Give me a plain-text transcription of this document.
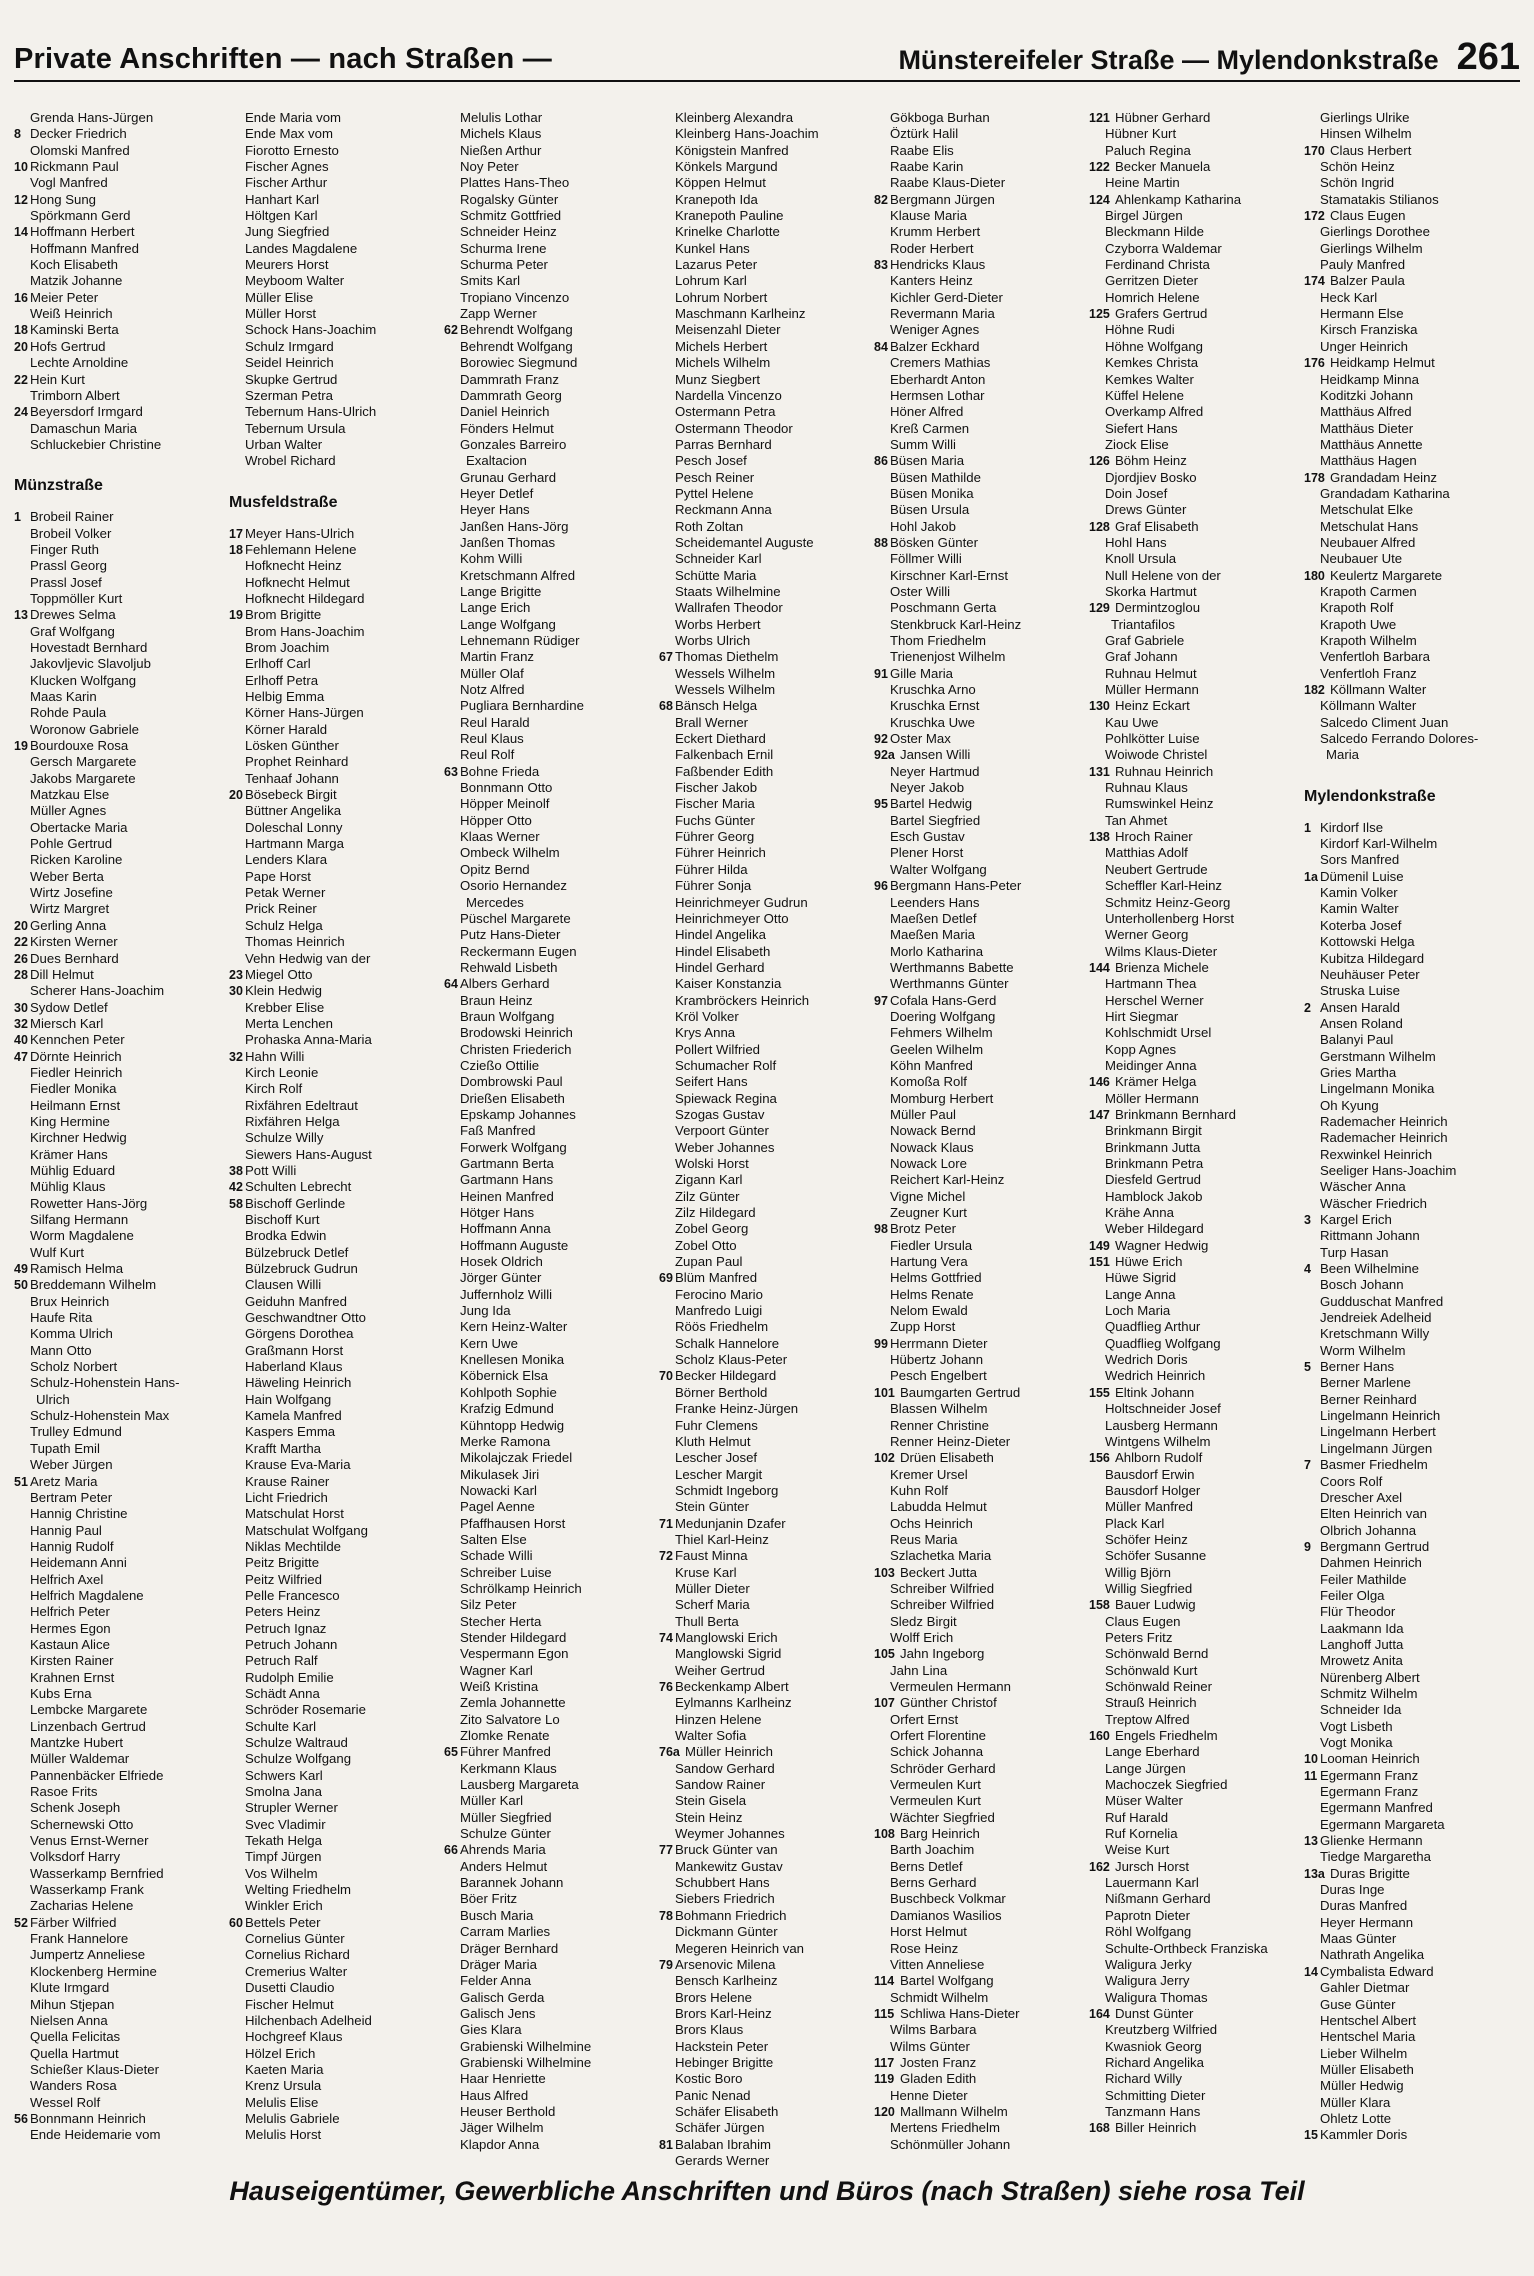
Private Anschriften — nach Straßen —	Münstereifeler Straße — Mylendonkstraße 261
Grenda Hans-Jürgen
8 Decker Friedrich
Olomski Manfred
10 Rickmann Paul
Vogl Manfred
12 Hong Sung
Spörkmann Gerd
14 Hoffmann Herbert
Hoffmann Manfred
Koch Elisabeth
Matzik Johanne
16 Meier Peter
Weiß Heinrich
18 Kaminski Berta
20 Hofs Gertrud
Lechte Arnoldine
22 Hein Kurt
Trimborn Albert
24 Beyersdorf Irmgard
Damaschun Maria
Schluckebier Christine
Münzstraße
1 Brobeil Rainer
Brobeil Volker
Finger Ruth
Prassl Georg
Prassl Josef
Toppmöller Kurt
13 Drewes Selma
Graf Wolfgang
Hovestadt Bernhard
Jakovljevic Slavoljub
Klucken Wolfgang
Maas Karin
Rohde Paula
Woronow Gabriele
19 Bourdouxe Rosa
Gersch Margarete
Jakobs Margarete
Matzkau Else
Müller Agnes
Obertacke Maria
Pohle Gertrud
Ricken Karoline
Weber Berta
Wirtz Josefine
Wirtz Margret
20 Gerling Anna
22 Kirsten Werner
26 Dues Bernhard
28 Dill Helmut
Scherer Hans-Joachim
30 Sydow Detlef
32 Miersch Karl
40 Kennchen Peter
47 Dörnte Heinrich
Fiedler Heinrich
Fiedler Monika
Heilmann Ernst
King Hermine
Kirchner Hedwig
Krämer Hans
Mühlig Eduard
Mühlig Klaus
Rowetter Hans-Jörg
Silfang Hermann
Worm Magdalene
Wulf Kurt
49 Ramisch Helma
50 Breddemann Wilhelm
Brux Heinrich
Haufe Rita
Komma Ulrich
Mann Otto
Scholz Norbert
Schulz-Hohenstein Hans-
Ulrich
Schulz-Hohenstein Max
Trulley Edmund
Tupath Emil
Weber Jürgen
51 Aretz Maria
Bertram Peter
Hannig Christine
Hannig Paul
Hannig Rudolf
Heidemann Anni
Helfrich Axel
Helfrich Magdalene
Helfrich Peter
Hermes Egon
Kastaun Alice
Kirsten Rainer
Krahnen Ernst
Kubs Erna
Lembcke Margarete
Linzenbach Gertrud
Mantzke Hubert
Müller Waldemar
Pannenbäcker Elfriede
Rasoe Frits
Schenk Joseph
Schernewski Otto
Venus Ernst-Werner
Volksdorf Harry
Wasserkamp Bernfried
Wasserkamp Frank
Zacharias Helene
52 Färber Wilfried
Frank Hannelore
Jumpertz Anneliese
Klockenberg Hermine
Klute Irmgard
Mihun Stjepan
Nielsen Anna
Quella Felicitas
Quella Hartmut
Schießer Klaus-Dieter
Wanders Rosa
Wessel Rolf
56 Bonnmann Heinrich
Ende Heidemarie vom
Ende Maria vom
Ende Max vom
Fiorotto Ernesto
Fischer Agnes
Fischer Arthur
Hanhart Karl
Höltgen Karl
Jung Siegfried
Landes Magdalene
Meurers Horst
Meyboom Walter
Müller Elise
Müller Horst
Schock Hans-Joachim
Schulz Irmgard
Seidel Heinrich
Skupke Gertrud
Szerman Petra
Tebernum Hans-Ulrich
Tebernum Ursula
Urban Walter
Wrobel Richard
Musfeldstraße
17 Meyer Hans-Ulrich
18 Fehlemann Helene
Hofknecht Heinz
Hofknecht Helmut
Hofknecht Hildegard
19 Brom Brigitte
Brom Hans-Joachim
Brom Joachim
Erlhoff Carl
Erlhoff Petra
Helbig Emma
Körner Hans-Jürgen
Körner Harald
Lösken Günther
Prophet Reinhard
Tenhaaf Johann
20 Bösebeck Birgit
Büttner Angelika
Doleschal Lonny
Hartmann Marga
Lenders Klara
Pape Horst
Petak Werner
Prick Reiner
Schulz Helga
Thomas Heinrich
Vehn Hedwig van der
23 Miegel Otto
30 Klein Hedwig
Krebber Elise
Merta Lenchen
Prohaska Anna-Maria
32 Hahn Willi
Kirch Leonie
Kirch Rolf
Rixfähren Edeltraut
Rixfähren Helga
Schulze Willy
Siewers Hans-August
38 Pott Willi
42 Schulten Lebrecht
58 Bischoff Gerlinde
Bischoff Kurt
Brodka Edwin
Bülzebruck Detlef
Bülzebruck Gudrun
Clausen Willi
Geiduhn Manfred
Geschwandtner Otto
Görgens Dorothea
Graßmann Horst
Haberland Klaus
Häweling Heinrich
Hain Wolfgang
Kamela Manfred
Kaspers Emma
Krafft Martha
Krause Eva-Maria
Krause Rainer
Licht Friedrich
Matschulat Horst
Matschulat Wolfgang
Niklas Mechtilde
Peitz Brigitte
Peitz Wilfried
Pelle Francesco
Peters Heinz
Petruch Ignaz
Petruch Johann
Petruch Ralf
Rudolph Emilie
Schädt Anna
Schröder Rosemarie
Schulte Karl
Schulze Waltraud
Schulze Wolfgang
Schwers Karl
Smolna Jana
Strupler Werner
Svec Vladimir
Tekath Helga
Timpf Jürgen
Vos Wilhelm
Welting Friedhelm
Winkler Erich
60 Bettels Peter
Cornelius Günter
Cornelius Richard
Cremerius Walter
Dusetti Claudio
Fischer Helmut
Hilchenbach Adelheid
Hochgreef Klaus
Hölzel Erich
Kaeten Maria
Krenz Ursula
Melulis Elise
Melulis Gabriele
Melulis Horst
Melulis Lothar
Michels Klaus
Nießen Arthur
Noy Peter
Plattes Hans-Theo
Rogalsky Günter
Schmitz Gottfried
Schneider Heinz
Schurma Irene
Schurma Peter
Smits Karl
Tropiano Vincenzo
Zapp Werner
62 Behrendt Wolfgang
Behrendt Wolfgang
Borowiec Siegmund
Dammrath Franz
Dammrath Georg
Daniel Heinrich
Fönders Helmut
Gonzales Barreiro
Exaltacion
Grunau Gerhard
Heyer Detlef
Heyer Hans
Janßen Hans-Jörg
Janßen Thomas
Kohm Willi
Kretschmann Alfred
Lange Brigitte
Lange Erich
Lange Wolfgang
Lehnemann Rüdiger
Martin Franz
Müller Olaf
Notz Alfred
Pugliara Bernhardine
Reul Harald
Reul Klaus
Reul Rolf
63 Bohne Frieda
Bonnmann Otto
Höpper Meinolf
Höpper Otto
Klaas Werner
Ombeck Wilhelm
Opitz Bernd
Osorio Hernandez
Mercedes
Püschel Margarete
Putz Hans-Dieter
Reckermann Eugen
Rehwald Lisbeth
64 Albers Gerhard
Braun Heinz
Braun Wolfgang
Brodowski Heinrich
Christen Friederich
Czießo Ottilie
Dombrowski Paul
Drießen Elisabeth
Epskamp Johannes
Faß Manfred
Forwerk Wolfgang
Gartmann Berta
Gartmann Hans
Heinen Manfred
Hötger Hans
Hoffmann Anna
Hoffmann Auguste
Hosek Oldrich
Jörger Günter
Juffernholz Willi
Jung Ida
Kern Heinz-Walter
Kern Uwe
Knellesen Monika
Köbernick Elsa
Kohlpoth Sophie
Krafzig Edmund
Kühntopp Hedwig
Merke Ramona
Mikolajczak Friedel
Mikulasek Jiri
Nowacki Karl
Pagel Aenne
Pfaffhausen Horst
Salten Else
Schade Willi
Schreiber Luise
Schrölkamp Heinrich
Silz Peter
Stecher Herta
Stender Hildegard
Vespermann Egon
Wagner Karl
Weiß Kristina
Zemla Johannette
Zito Salvatore Lo
Zlomke Renate
65 Führer Manfred
Kerkmann Klaus
Lausberg Margareta
Müller Karl
Müller Siegfried
Schulze Günter
66 Ahrends Maria
Anders Helmut
Barannek Johann
Böer Fritz
Busch Maria
Carram Marlies
Dräger Bernhard
Dräger Maria
Felder Anna
Galisch Gerda
Galisch Jens
Gies Klara
Grabienski Wilhelmine
Grabienski Wilhelmine
Haar Henriette
Haus Alfred
Heuser Berthold
Jäger Wilhelm
Klapdor Anna
Kleinberg Alexandra
Kleinberg Hans-Joachim
Königstein Manfred
Könkels Margund
Köppen Helmut
Kranepoth Ida
Kranepoth Pauline
Krinelke Charlotte
Kunkel Hans
Lazarus Peter
Lohrum Karl
Lohrum Norbert
Maschmann Karlheinz
Meisenzahl Dieter
Michels Herbert
Michels Wilhelm
Munz Siegbert
Nardella Vincenzo
Ostermann Petra
Ostermann Theodor
Parras Bernhard
Pesch Josef
Pesch Reiner
Pyttel Helene
Reckmann Anna
Roth Zoltan
Scheidemantel Auguste
Schneider Karl
Schütte Maria
Staats Wilhelmine
Wallrafen Theodor
Worbs Herbert
Worbs Ulrich
67 Thomas Diethelm
Wessels Wilhelm
Wessels Wilhelm
68 Bänsch Helga
Brall Werner
Eckert Diethard
Falkenbach Ernil
Faßbender Edith
Fischer Jakob
Fischer Maria
Fuchs Günter
Führer Georg
Führer Heinrich
Führer Hilda
Führer Sonja
Heinrichmeyer Gudrun
Heinrichmeyer Otto
Hindel Angelika
Hindel Elisabeth
Hindel Gerhard
Kaiser Konstanzia
Krambröckers Heinrich
Kröl Volker
Krys Anna
Pollert Wilfried
Schumacher Rolf
Seifert Hans
Spiewack Regina
Szogas Gustav
Verpoort Günter
Weber Johannes
Wolski Horst
Zigann Karl
Zilz Günter
Zilz Hildegard
Zobel Georg
Zobel Otto
Zupan Paul
69 Blüm Manfred
Ferocino Mario
Manfredo Luigi
Röös Friedhelm
Schalk Hannelore
Scholz Klaus-Peter
70 Becker Hildegard
Börner Berthold
Franke Heinz-Jürgen
Fuhr Clemens
Kluth Helmut
Lescher Josef
Lescher Margit
Schmidt Ingeborg
Stein Günter
71 Medunjanin Dzafer
Thiel Karl-Heinz
72 Faust Minna
Kruse Karl
Müller Dieter
Scherf Maria
Thull Berta
74 Manglowski Erich
Manglowski Sigrid
Weiher Gertrud
76 Beckenkamp Albert
Eylmanns Karlheinz
Hinzen Helene
Walter Sofia
76a Müller Heinrich
Sandow Gerhard
Sandow Rainer
Stein Gisela
Stein Heinz
Weymer Johannes
77 Bruck Günter van
Mankewitz Gustav
Schubbert Hans
Siebers Friedrich
78 Bohmann Friedrich
Dickmann Günter
Megeren Heinrich van
79 Arsenovic Milena
Bensch Karlheinz
Brors Helene
Brors Karl-Heinz
Brors Klaus
Hackstein Peter
Hebinger Brigitte
Kostic Boro
Panic Nenad
Schäfer Elisabeth
Schäfer Jürgen
81 Balaban Ibrahim
Gerards Werner
Gökboga Burhan
Öztürk Halil
Raabe Elis
Raabe Karin
Raabe Klaus-Dieter
82 Bergmann Jürgen
Klause Maria
Krumm Herbert
Roder Herbert
83 Hendricks Klaus
Kanters Heinz
Kichler Gerd-Dieter
Revermann Maria
Weniger Agnes
84 Balzer Eckhard
Cremers Mathias
Eberhardt Anton
Hermsen Lothar
Höner Alfred
Kreß Carmen
Summ Willi
86 Büsen Maria
Büsen Mathilde
Büsen Monika
Büsen Ursula
Hohl Jakob
88 Bösken Günter
Föllmer Willi
Kirschner Karl-Ernst
Oster Willi
Poschmann Gerta
Stenkbruck Karl-Heinz
Thom Friedhelm
Trienenjost Wilhelm
91 Gille Maria
Kruschka Arno
Kruschka Ernst
Kruschka Uwe
92 Oster Max
92a Jansen Willi
Neyer Hartmud
Neyer Jakob
95 Bartel Hedwig
Bartel Siegfried
Esch Gustav
Plener Horst
Walter Wolfgang
96 Bergmann Hans-Peter
Leenders Hans
Maeßen Detlef
Maeßen Maria
Morlo Katharina
Werthmanns Babette
Werthmanns Günter
97 Cofala Hans-Gerd
Doering Wolfgang
Fehmers Wilhelm
Geelen Wilhelm
Köhn Manfred
Komoßa Rolf
Momburg Herbert
Müller Paul
Nowack Bernd
Nowack Klaus
Nowack Lore
Reichert Karl-Heinz
Vigne Michel
Zeugner Kurt
98 Brotz Peter
Fiedler Ursula
Hartung Vera
Helms Gottfried
Helms Renate
Nelom Ewald
Zupp Horst
99 Herrmann Dieter
Hübertz Johann
Pesch Engelbert
101 Baumgarten Gertrud
Blassen Wilhelm
Renner Christine
Renner Heinz-Dieter
102 Drüen Elisabeth
Kremer Ursel
Kuhn Rolf
Labudda Helmut
Ochs Heinrich
Reus Maria
Szlachetka Maria
103 Beckert Jutta
Schreiber Wilfried
Schreiber Wilfried
Sledz Birgit
Wolff Erich
105 Jahn Ingeborg
Jahn Lina
Vermeulen Hermann
107 Günther Christof
Orfert Ernst
Orfert Florentine
Schick Johanna
Schröder Gerhard
Vermeulen Kurt
Vermeulen Kurt
Wächter Siegfried
108 Barg Heinrich
Barth Joachim
Berns Detlef
Berns Gerhard
Buschbeck Volkmar
Damianos Wasilios
Horst Helmut
Rose Heinz
Vitten Anneliese
114 Bartel Wolfgang
Schmidt Wilhelm
115 Schliwa Hans-Dieter
Wilms Barbara
Wilms Günter
117 Josten Franz
119 Gladen Edith
Henne Dieter
120 Mallmann Wilhelm
Mertens Friedhelm
Schönmüller Johann
121 Hübner Gerhard
Hübner Kurt
Paluch Regina
122 Becker Manuela
Heine Martin
124 Ahlenkamp Katharina
Birgel Jürgen
Bleckmann Hilde
Czyborra Waldemar
Ferdinand Christa
Gerritzen Dieter
Homrich Helene
125 Grafers Gertrud
Höhne Rudi
Höhne Wolfgang
Kemkes Christa
Kemkes Walter
Küffel Helene
Overkamp Alfred
Siefert Hans
Ziock Elise
126 Böhm Heinz
Djordjiev Bosko
Doin Josef
Drews Günter
128 Graf Elisabeth
Hohl Hans
Knoll Ursula
Null Helene von der
Skorka Hartmut
129 Dermintzoglou
Triantafilos
Graf Gabriele
Graf Johann
Ruhnau Helmut
Müller Hermann
130 Heinz Eckart
Kau Uwe
Pohlkötter Luise
Woiwode Christel
131 Ruhnau Heinrich
Ruhnau Klaus
Rumswinkel Heinz
Tan Ahmet
138 Hroch Rainer
Matthias Adolf
Neubert Gertrude
Scheffler Karl-Heinz
Schmitz Heinz-Georg
Unterhollenberg Horst
Werner Georg
Wilms Klaus-Dieter
144 Brienza Michele
Hartmann Thea
Herschel Werner
Hirt Siegmar
Kohlschmidt Ursel
Kopp Agnes
Meidinger Anna
146 Krämer Helga
Möller Hermann
147 Brinkmann Bernhard
Brinkmann Birgit
Brinkmann Jutta
Brinkmann Petra
Diesfeld Gertrud
Hamblock Jakob
Krähe Anna
Weber Hildegard
149 Wagner Hedwig
151 Hüwe Erich
Hüwe Sigrid
Lange Anna
Loch Maria
Quadflieg Arthur
Quadflieg Wolfgang
Wedrich Doris
Wedrich Heinrich
155 Eltink Johann
Holtschneider Josef
Lausberg Hermann
Wintgens Wilhelm
156 Ahlborn Rudolf
Bausdorf Erwin
Bausdorf Holger
Müller Manfred
Plack Karl
Schöfer Heinz
Schöfer Susanne
Willig Björn
Willig Siegfried
158 Bauer Ludwig
Claus Eugen
Peters Fritz
Schönwald Bernd
Schönwald Kurt
Schönwald Reiner
Strauß Heinrich
Treptow Alfred
160 Engels Friedhelm
Lange Eberhard
Lange Jürgen
Machoczek Siegfried
Müser Walter
Ruf Harald
Ruf Kornelia
Weise Kurt
162 Jursch Horst
Lauermann Karl
Nißmann Gerhard
Paprotn Dieter
Röhl Wolfgang
Schulte-Orthbeck Franziska
Waligura Jerky
Waligura Jerry
Waligura Thomas
164 Dunst Günter
Kreutzberg Wilfried
Kwasniok Georg
Richard Angelika
Richard Willy
Schmitting Dieter
Tanzmann Hans
168 Biller Heinrich
Gierlings Ulrike
Hinsen Wilhelm
170 Claus Herbert
Schön Heinz
Schön Ingrid
Stamatakis Stilianos
172 Claus Eugen
Gierlings Dorothee
Gierlings Wilhelm
Pauly Manfred
174 Balzer Paula
Heck Karl
Hermann Else
Kirsch Franziska
Unger Heinrich
176 Heidkamp Helmut
Heidkamp Minna
Koditzki Johann
Matthäus Alfred
Matthäus Dieter
Matthäus Annette
Matthäus Hagen
178 Grandadam Heinz
Grandadam Katharina
Metschulat Elke
Metschulat Hans
Neubauer Alfred
Neubauer Ute
180 Keulertz Margarete
Krapoth Carmen
Krapoth Rolf
Krapoth Uwe
Krapoth Wilhelm
Venfertloh Barbara
Venfertloh Franz
182 Köllmann Walter
Köllmann Walter
Salcedo Climent Juan
Salcedo Ferrando Dolores-
Maria
Mylendonkstraße
1 Kirdorf Ilse
Kirdorf Karl-Wilhelm
Sors Manfred
1a Dümenil Luise
Kamin Volker
Kamin Walter
Koterba Josef
Kottowski Helga
Kubitza Hildegard
Neuhäuser Peter
Struska Luise
2 Ansen Harald
Ansen Roland
Balanyi Paul
Gerstmann Wilhelm
Gries Martha
Lingelmann Monika
Oh Kyung
Rademacher Heinrich
Rademacher Heinrich
Rexwinkel Heinrich
Seeliger Hans-Joachim
Wäscher Anna
Wäscher Friedrich
3 Kargel Erich
Rittmann Johann
Turp Hasan
4 Been Wilhelmine
Bosch Johann
Gudduschat Manfred
Jendreiek Adelheid
Kretschmann Willy
Worm Wilhelm
5 Berner Hans
Berner Marlene
Berner Reinhard
Lingelmann Heinrich
Lingelmann Herbert
Lingelmann Jürgen
7 Basmer Friedhelm
Coors Rolf
Drescher Axel
Elten Heinrich van
Olbrich Johanna
9 Bergmann Gertrud
Dahmen Heinrich
Feiler Mathilde
Feiler Olga
Flür Theodor
Laakmann Ida
Langhoff Jutta
Mrowetz Anita
Nürenberg Albert
Schmitz Wilhelm
Schneider Ida
Vogt Lisbeth
Vogt Monika
10 Looman Heinrich
11 Egermann Franz
Egermann Franz
Egermann Manfred
Egermann Margareta
13 Glienke Hermann
Tiedge Margaretha
13a Duras Brigitte
Duras Inge
Duras Manfred
Heyer Hermann
Maas Günter
Nathrath Angelika
14 Cymbalista Edward
Gahler Dietmar
Guse Günter
Hentschel Albert
Hentschel Maria
Lieber Wilhelm
Müller Elisabeth
Müller Hedwig
Müller Klara
Ohletz Lotte
15 Kammler Doris
Hauseigentümer, Gewerbliche Anschriften und Büros (nach Straßen) siehe rosa Teil
